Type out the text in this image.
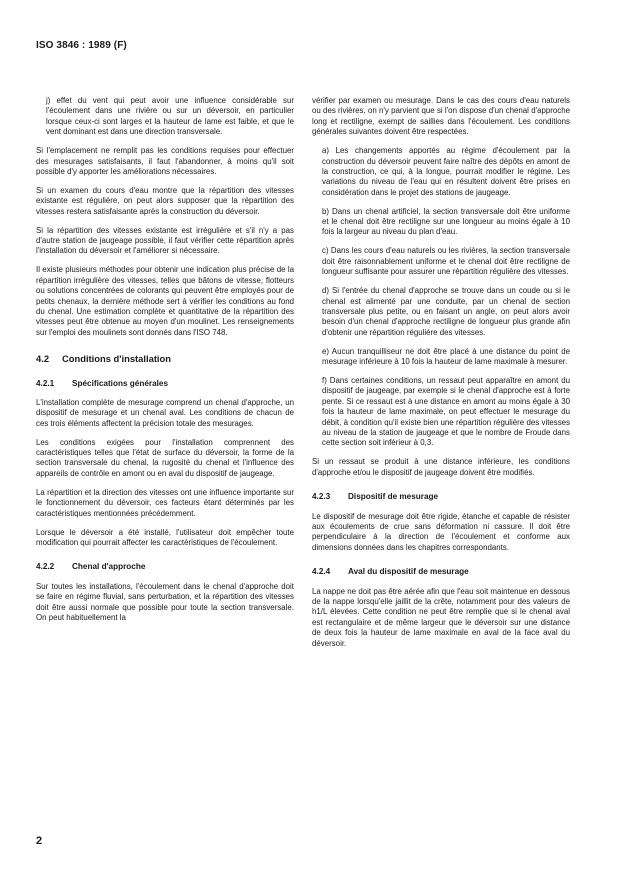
ISO 3846 : 1989 (F)

j) effet du vent qui peut avoir une influence considérable sur l'écoulement dans une rivière ou sur un déversoir, en particulier lorsque ceux-ci sont larges et la hauteur de lame est faible, et que le vent dominant est dans une direction transversale.

Si l'emplacement ne remplit pas les conditions requises pour effectuer des mesurages satisfaisants, il faut l'abandonner, à moins qu'il soit possible d'y apporter les améliorations nécessaires.

Si un examen du cours d'eau montre que la répartition des vitesses existante est régulière, on peut alors supposer que la répartition des vitesses restera satisfaisante après la construction du déversoir.

Si la répartition des vitesses existante est irrégulière et s'il n'y a pas d'autre station de jaugeage possible, il faut vérifier cette répartition après l'installation du déversoir et l'améliorer si nécessaire.

Il existe plusieurs méthodes pour obtenir une indication plus précise de la répartition irrégulière des vitesses, telles que bâtons de vitesse, flotteurs ou solutions concentrées de colorants qui peuvent être employés pour de petits chenaux, la dernière méthode sert à vérifier les conditions au fond du chenal. Une estimation complète et quantitative de la répartition des vitesses peut être obtenue au moyen d'un moulinet. Les renseignements sur l'emploi des moulinets sont donnés dans l'ISO 748.

4.2 Conditions d'installation
4.2.1 Spécifications générales

L'installation complète de mesurage comprend un chenal d'approche, un dispositif de mesurage et un chenal aval. Les conditions de chacun de ces trois éléments affectent la précision totale des mesurages.

Les conditions exigées pour l'installation comprennent des caractéristiques telles que l'état de surface du déversoir, la forme de la section transversale du chenal, la rugosité du chenal et l'influence des appareils de contrôle en amont ou en aval du dispositif de jaugeage.

La répartition et la direction des vitesses ont une influence importante sur le fonctionnement du déversoir, ces facteurs étant déterminés par les caractéristiques mentionnées précédemment.

Lorsque le déversoir a été installé, l'utilisateur doit empêcher toute modification qui pourrait affecter les caractéristiques de l'écoulement.

4.2.2 Chenal d'approche

Sur toutes les installations, l'écoulement dans le chenal d'approche doit se faire en régime fluvial, sans perturbation, et la répartition des vitesses doit être aussi normale que possible pour toute la section transversale. On peut habituellement la

vérifier par examen ou mesurage. Dans le cas des cours d'eau naturels ou des rivières, on n'y parvient que si l'on dispose d'un chenal d'approche long et rectiligne, exempt de saillies dans l'écoulement. Les conditions générales suivantes doivent être respectées.

a) Les changements apportés au régime d'écoulement par la construction du déversoir peuvent faire naître des dépôts en amont de la construction, ce qui, à la longue, pourrait modifier le régime. Les variations du niveau de l'eau qui en résultent doivent être prises en considération dans le projet des stations de jaugeage.

b) Dans un chenal artificiel, la section transversale doit être uniforme et le chenal doit être rectiligne sur une longueur au moins égale à 10 fois la largeur au niveau du plan d'eau.

c) Dans les cours d'eau naturels ou les rivières, la section transversale doit être raisonnablement uniforme et le chenal doit être rectiligne de longueur suffisante pour assurer une répartition régulière des vitesses.

d) Si l'entrée du chenal d'approche se trouve dans un coude ou si le chenal est alimenté par une conduite, par un chenal de section transversale plus petite, ou en faisant un angle, on peut alors avoir besoin d'un chenal d'approche rectiligne de longueur plus grande afin d'obtenir une répartition régulière des vitesses.

e) Aucun tranquilliseur ne doit être placé à une distance du point de mesurage inférieure à 10 fois la hauteur de lame maximale à mesurer.

f) Dans certaines conditions, un ressaut peut apparaître en amont du dispositif de jaugeage, par exemple si le chenal d'approche est à forte pente. Si ce ressaut est à une distance en amont au moins égale à 30 fois la hauteur de lame maximale, on peut effectuer le mesurage du débit, à condition qu'il existe bien une répartition régulière des vitesses au niveau de la station de jaugeage et que le nombre de Froude dans cette section soit inférieur à 0,3.

Si un ressaut se produit à une distance inférieure, les conditions d'approche et/ou le dispositif de jaugeage doivent être modifiés.

4.2.3 Dispositif de mesurage

Le dispositif de mesurage doit être rigide, étanche et capable de résister aux écoulements de crue sans déformation ni cassure. Il doit être perpendiculaire à la direction de l'écoulement et conforme aux dimensions données dans les chapitres correspondants.

4.2.4 Aval du dispositif de mesurage

La nappe ne doit pas être aérée afin que l'eau soit maintenue en dessous de la nappe lorsqu'elle jaillit de la crête, notamment pour des valeurs de h1/L élevées. Cette condition ne peut être remplie que si le chenal aval est rectangulaire et de même largeur que le déversoir sur une distance de deux fois la hauteur de lame maximale en aval de la face aval du déversoir.

2
